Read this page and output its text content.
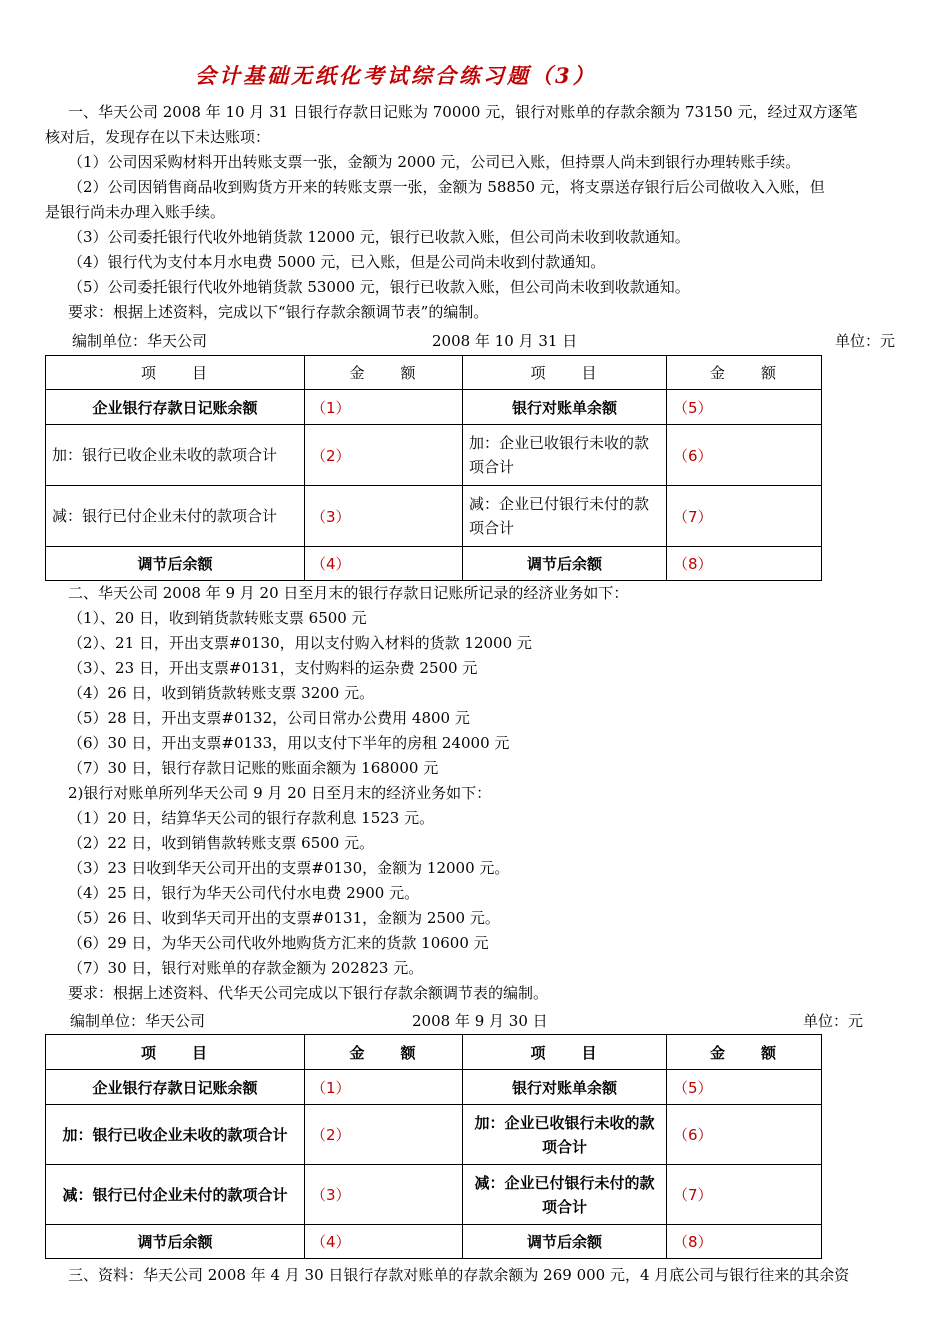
会计基础无纸化考试综合练习题（3）
一、华天公司 2008 年 10 月 31 日银行存款日记账为 70000 元，银行对账单的存款余额为 73150 元，经过双方逐笔
核对后，发现存在以下未达账项：
（1）公司因采购材料开出转账支票一张，金额为 2000 元，公司已入账，但持票人尚未到银行办理转账手续。
（2）公司因销售商品收到购货方开来的转账支票一张，金额为 58850 元，将支票送存银行后公司做收入入账，但
是银行尚未办理入账手续。
（3）公司委托银行代收外地销货款 12000 元，银行已收款入账，但公司尚未收到收款通知。
（4）银行代为支付本月水电费 5000 元，已入账，但是公司尚未收到付款通知。
（5）公司委托银行代收外地销货款 53000 元，银行已收款入账，但公司尚未收到收款通知。
要求：根据上述资料，完成以下“银行存款余额调节表”的编制。
编制单位：华天公司	2008 年 10 月 31 日	单位：元
项　　目	金　　额	项　　目	金　　额
企业银行存款日记账余额	（1）	银行对账单余额	（5）
加：银行已收企业未收的款项合计	（2）	加：企业已收银行未收的款项合计	（6）
减：银行已付企业未付的款项合计	（3）	减：企业已付银行未付的款项合计	（7）
调节后余额	（4）	调节后余额	（8）
二、华天公司 2008 年 9 月 20 日至月末的银行存款日记账所记录的经济业务如下：
（1）、20 日，收到销货款转账支票 6500 元
（2）、21 日，开出支票#0130，用以支付购入材料的货款 12000 元
（3）、23 日，开出支票#0131，支付购料的运杂费 2500 元
（4）26 日，收到销货款转账支票 3200 元。
（5）28 日，开出支票#0132，公司日常办公费用 4800 元
（6）30 日，开出支票#0133，用以支付下半年的房租 24000 元
（7）30 日，银行存款日记账的账面余额为 168000 元
2)银行对账单所列华天公司 9 月 20 日至月末的经济业务如下：
（1）20 日，结算华天公司的银行存款利息 1523 元。
（2）22 日，收到销售款转账支票 6500 元。
（3）23 日收到华天公司开出的支票#0130，金额为 12000 元。
（4）25 日，银行为华天公司代付水电费 2900 元。
（5）26 日、收到华天司开出的支票#0131，金额为 2500 元。
（6）29 日，为华天公司代收外地购货方汇来的货款 10600 元
（7）30 日，银行对账单的存款金额为 202823 元。
要求：根据上述资料、代华天公司完成以下银行存款余额调节表的编制。
编制单位：华天公司	2008 年 9 月 30 日	单位：元
项　　目	金　　额	项　　目	金　　额
企业银行存款日记账余额	（1）	银行对账单余额	（5）
加：银行已收企业未收的款项合计	（2）	加：企业已收银行未收的款项合计	（6）
减：银行已付企业未付的款项合计	（3）	减：企业已付银行未付的款项合计	（7）
调节后余额	（4）	调节后余额	（8）
三、资料：华天公司 2008 年 4 月 30 日银行存款对账单的存款余额为 269 000 元，4 月底公司与银行往来的其余资
